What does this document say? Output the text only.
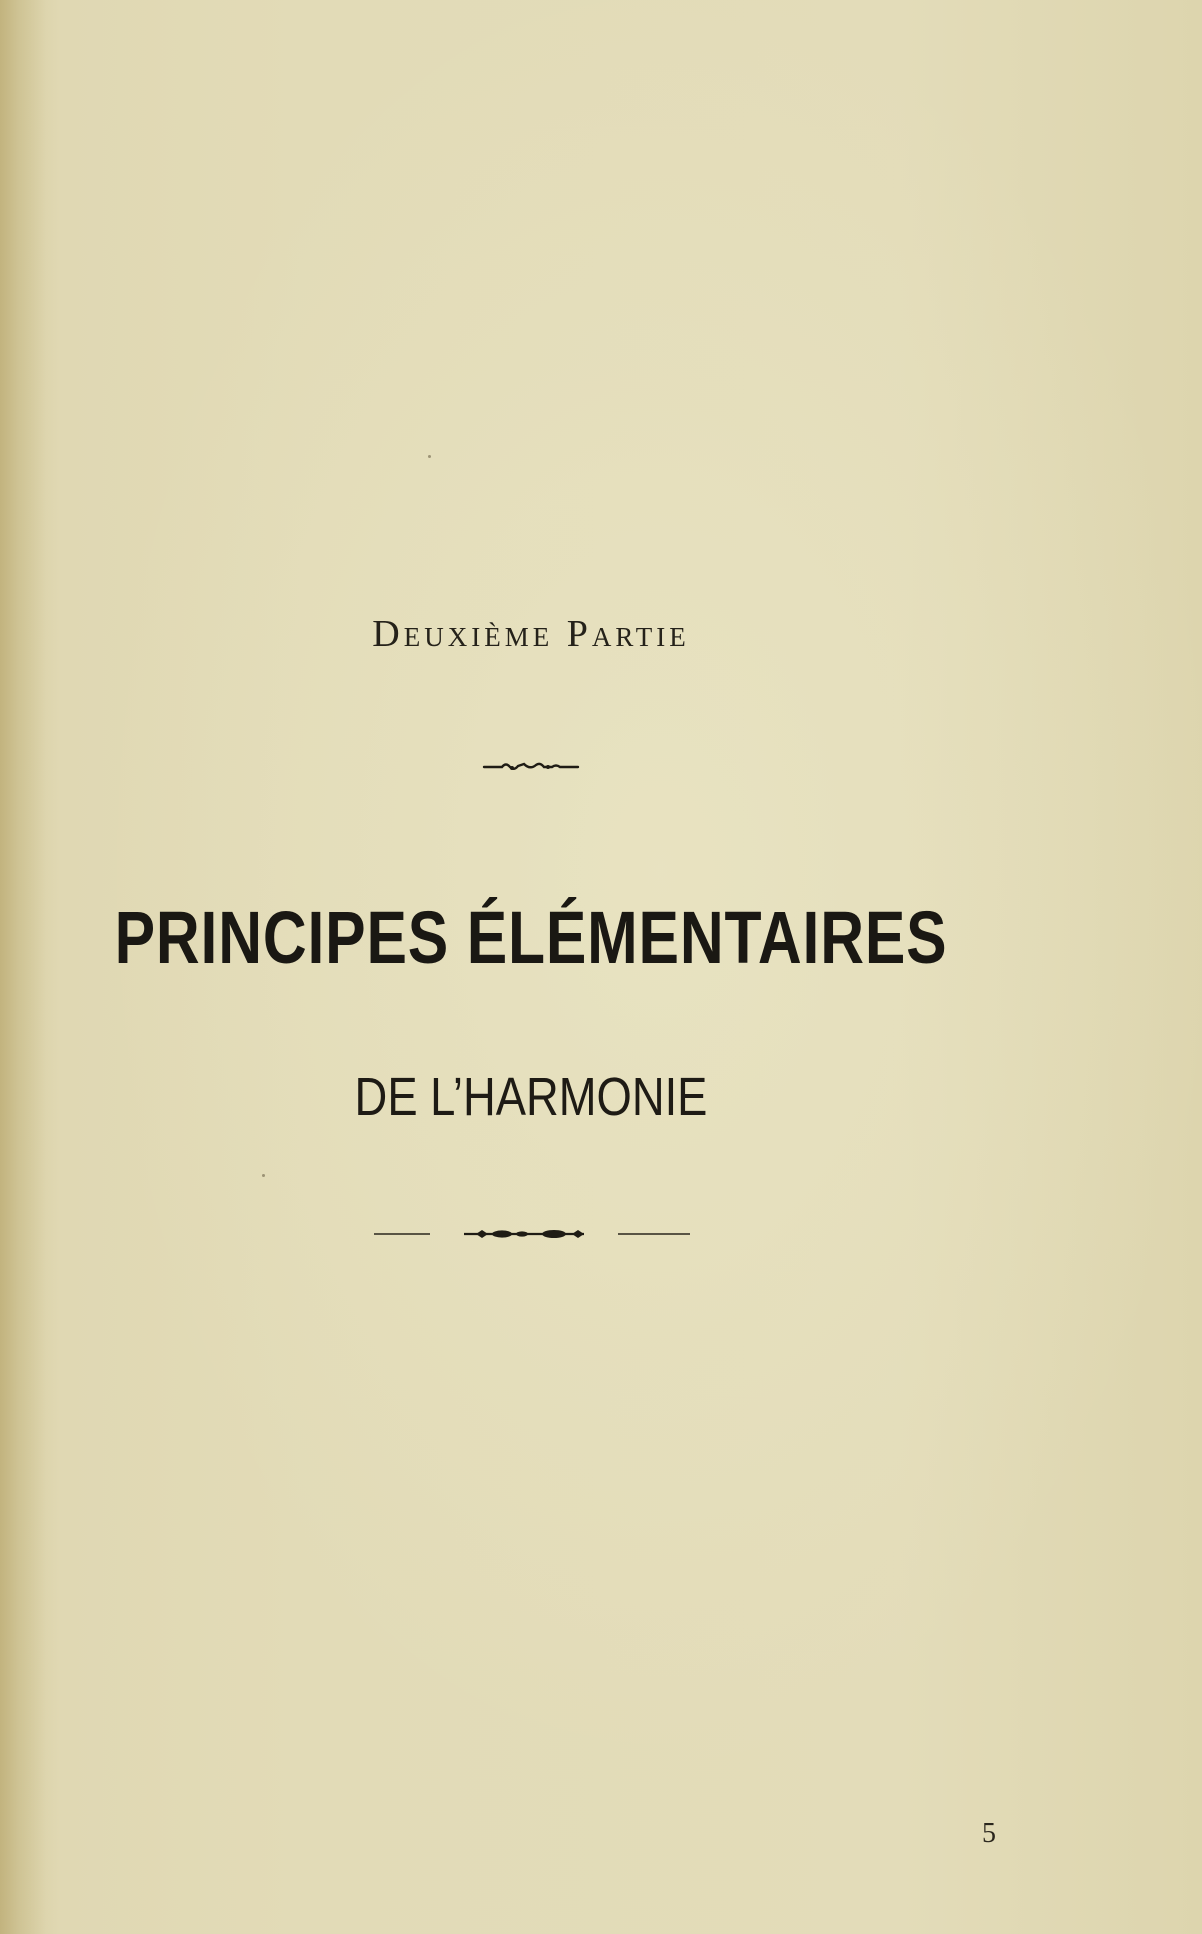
Deuxième Partie
PRINCIPES ÉLÉMENTAIRES
DE L’HARMONIE
5
